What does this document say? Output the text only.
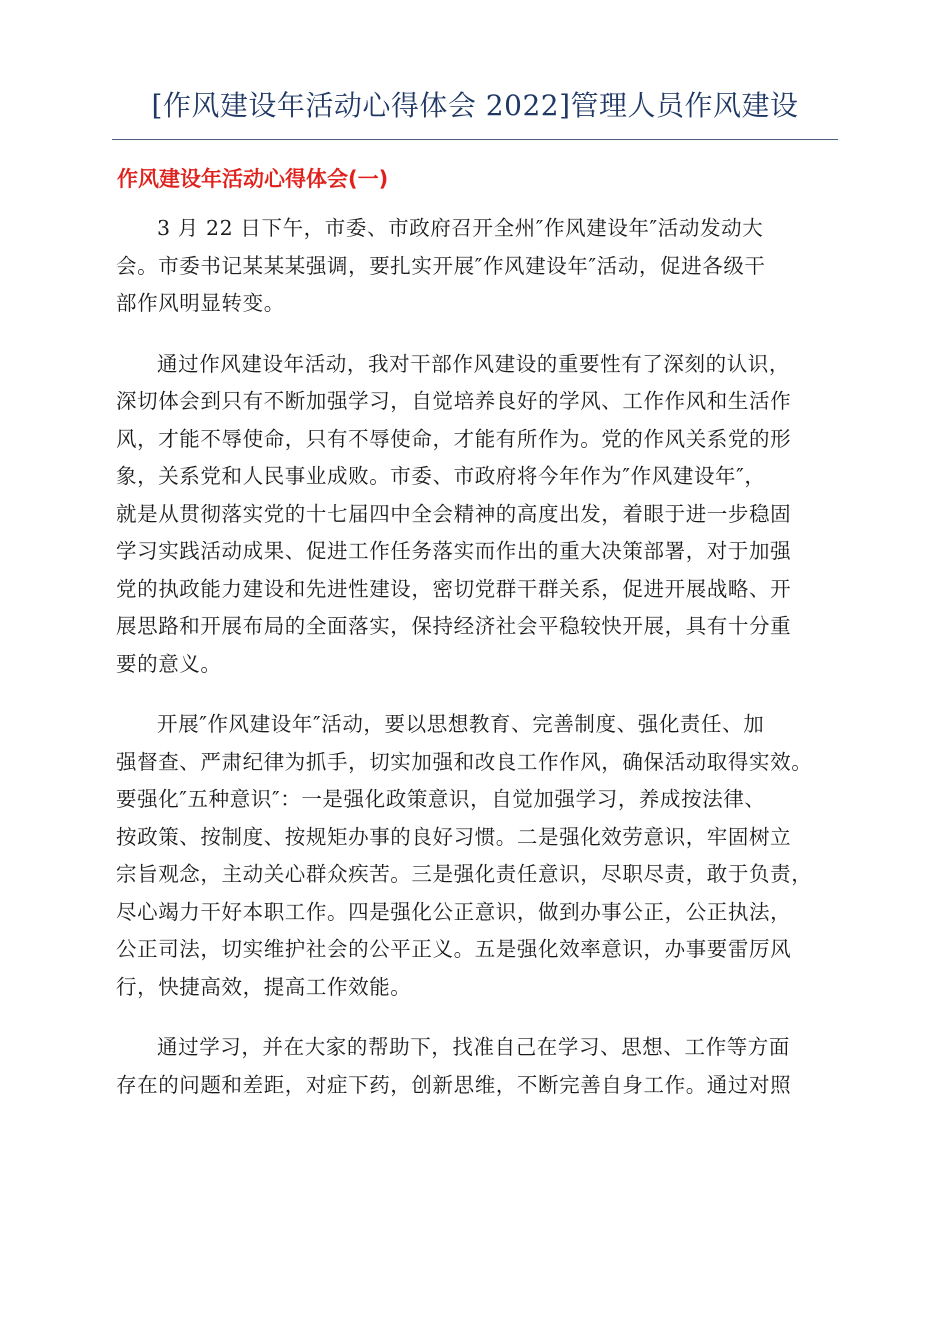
[作风建设年活动心得体会 2022]管理人员作风建设
作风建设年活动心得体会(一)

3 月 22 日下午，市委、市政府召开全州″作风建设年″活动发动大
会。市委书记某某某强调，要扎实开展″作风建设年″活动，促进各级干
部作风明显转变。

通过作风建设年活动，我对干部作风建设的重要性有了深刻的认识，
深切体会到只有不断加强学习，自觉培养良好的学风、工作作风和生活作
风，才能不辱使命，只有不辱使命，才能有所作为。党的作风关系党的形
象，关系党和人民事业成败。市委、市政府将今年作为″作风建设年″，
就是从贯彻落实党的十七届四中全会精神的高度出发，着眼于进一步稳固
学习实践活动成果、促进工作任务落实而作出的重大决策部署，对于加强
党的执政能力建设和先进性建设，密切党群干群关系，促进开展战略、开
展思路和开展布局的全面落实，保持经济社会平稳较快开展，具有十分重
要的意义。

开展″作风建设年″活动，要以思想教育、完善制度、强化责任、加
强督查、严肃纪律为抓手，切实加强和改良工作作风，确保活动取得实效。
要强化″五种意识″：一是强化政策意识，自觉加强学习，养成按法律、
按政策、按制度、按规矩办事的良好习惯。二是强化效劳意识，牢固树立
宗旨观念，主动关心群众疾苦。三是强化责任意识，尽职尽责，敢于负责，
尽心竭力干好本职工作。四是强化公正意识，做到办事公正，公正执法，
公正司法，切实维护社会的公平正义。五是强化效率意识，办事要雷厉风
行，快捷高效，提高工作效能。

通过学习，并在大家的帮助下，找准自己在学习、思想、工作等方面
存在的问题和差距，对症下药，创新思维，不断完善自身工作。通过对照
